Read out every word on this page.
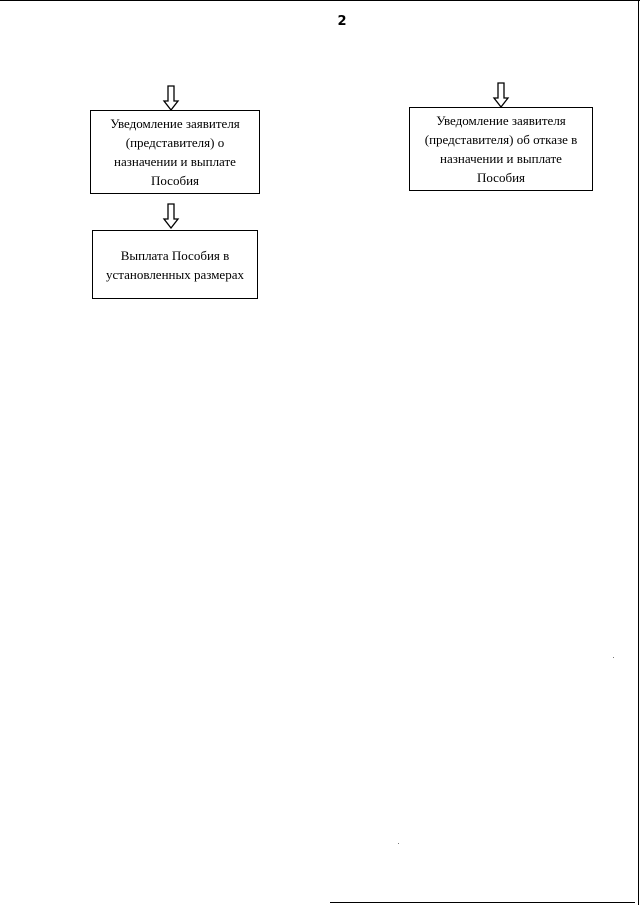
2
Уведомление заявителя
(представителя) о
назначении и выплате
Пособия
Выплата Пособия в
установленных размерах
Уведомление заявителя
(представителя) об отказе в
назначении и выплате
Пособия
